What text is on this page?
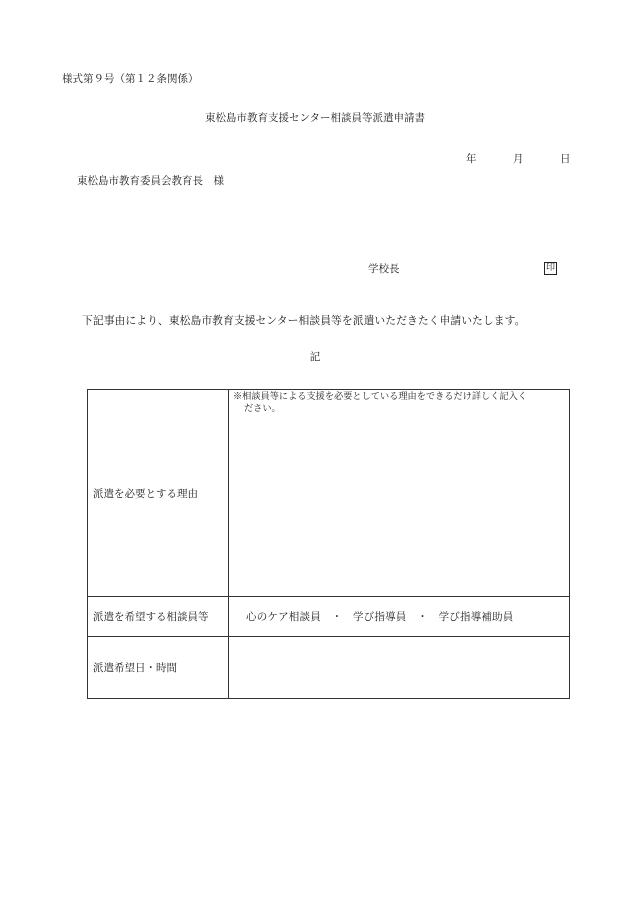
様式第９号（第１２条関係）
東松島市教育支援センター相談員等派遣申請書
年	月	日
東松島市教育委員会教育長　様
学校長	印
下記事由により、東松島市教育支援センター相談員等を派遣いただきたく申請いたします。
記
派遣を必要とする理由	※相談員等による支援を必要としている理由をできるだけ詳しく記入く
ださい。

派遣を希望する相談員等	心のケア相談員　・　学び指導員　・　学び指導補助員
派遣希望日・時間	
